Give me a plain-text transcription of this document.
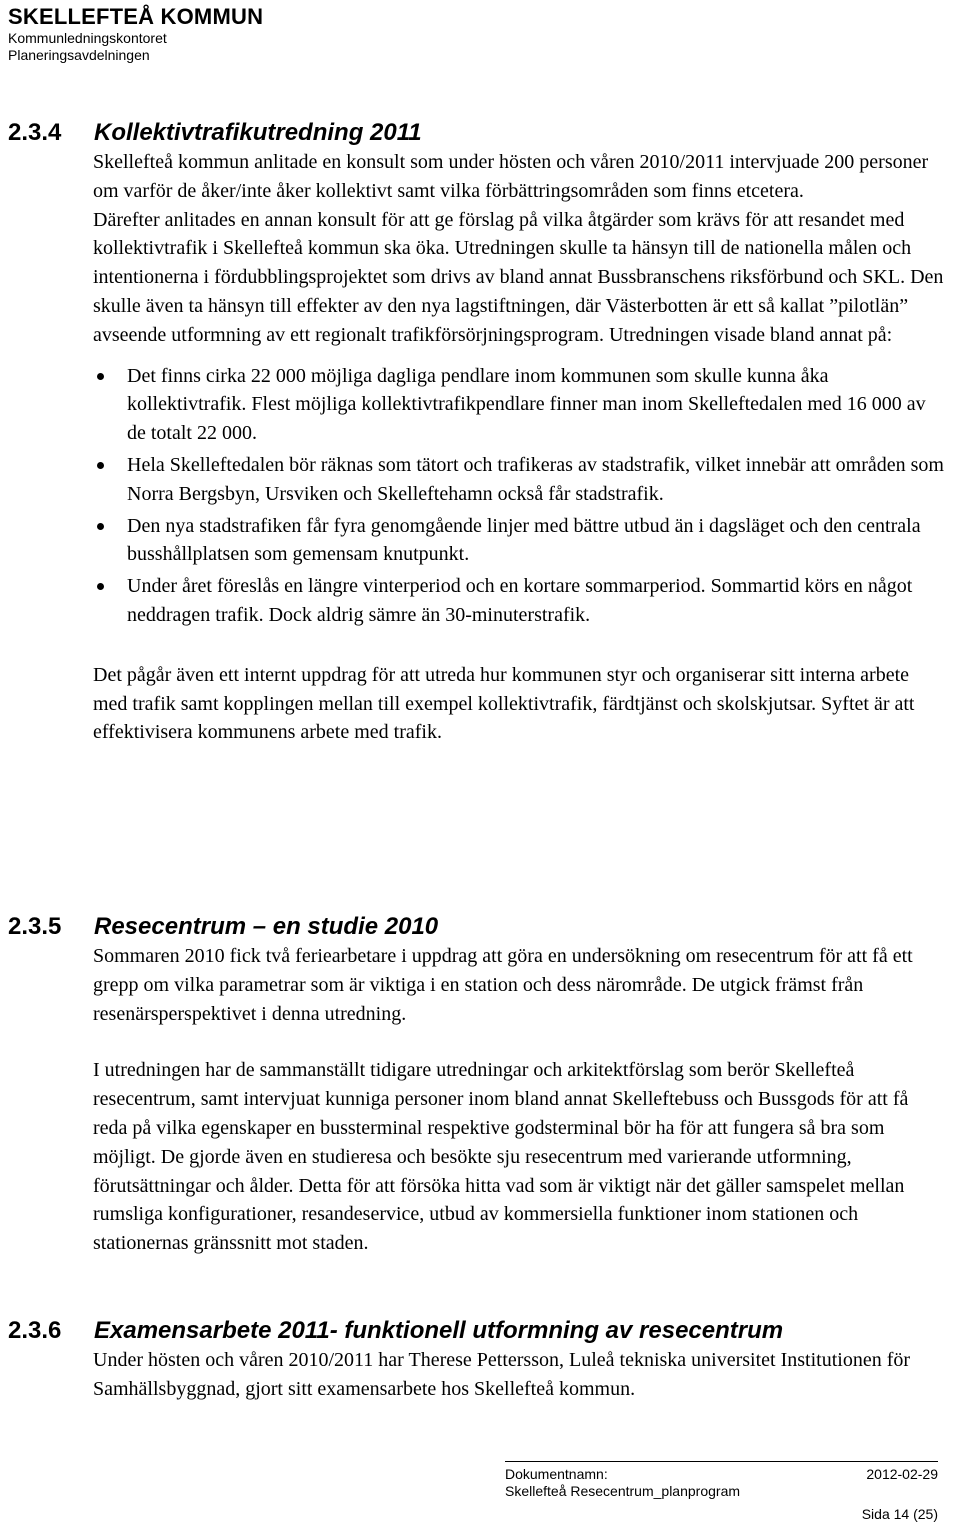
SKELLEFTEÅ KOMMUN
Kommunledningskontoret
Planeringsavdelningen
2.3.4	Kollektivtrafikutredning 2011

Skellefteå kommun anlitade en konsult som under hösten och våren 2010/2011 intervjuade 200 personer om varför de åker/inte åker kollektivt samt vilka förbättringsområden som finns etcetera.

Därefter anlitades en annan konsult för att ge förslag på vilka åtgärder som krävs för att resandet med kollektivtrafik i Skellefteå kommun ska öka. Utredningen skulle ta hänsyn till de nationella målen och intentionerna i fördubblingsprojektet som drivs av bland annat Bussbranschens riksförbund och SKL. Den skulle även ta hänsyn till effekter av den nya lagstiftningen, där Västerbotten är ett så kallat ”pilotlän” avseende utformning av ett regionalt trafikförsörjningsprogram. Utredningen visade bland annat på:

Det finns cirka 22 000 möjliga dagliga pendlare inom kommunen som skulle kunna åka kollektivtrafik. Flest möjliga kollektivtrafikpendlare finner man inom Skelleftedalen med 16 000 av de totalt 22 000.
Hela Skelleftedalen bör räknas som tätort och trafikeras av stadstrafik, vilket innebär att områden som Norra Bergsbyn, Ursviken och Skelleftehamn också får stadstrafik.
Den nya stadstrafiken får fyra genomgående linjer med bättre utbud än i dagsläget och den centrala busshållplatsen som gemensam knutpunkt.
Under året föreslås en längre vinterperiod och en kortare sommarperiod. Sommartid körs en något neddragen trafik. Dock aldrig sämre än 30-minuterstrafik.

Det pågår även ett internt uppdrag för att utreda hur kommunen styr och organiserar sitt interna arbete med trafik samt kopplingen mellan till exempel kollektivtrafik, färdtjänst och skolskjutsar. Syftet är att effektivisera kommunens arbete med trafik.

2.3.5	Resecentrum – en studie 2010

Sommaren 2010 fick två feriearbetare i uppdrag att göra en undersökning om resecentrum för att få ett grepp om vilka parametrar som är viktiga i en station och dess närområde. De utgick främst från resenärsperspektivet i denna utredning.

I utredningen har de sammanställt tidigare utredningar och arkitektförslag som berör Skellefteå resecentrum, samt intervjuat kunniga personer inom bland annat Skelleftebuss och Bussgods för att få reda på vilka egenskaper en bussterminal respektive godsterminal bör ha för att fungera så bra som möjligt. De gjorde även en studieresa och besökte sju resecentrum med varierande utformning, förutsättningar och ålder. Detta för att försöka hitta vad som är viktigt när det gäller samspelet mellan rumsliga konfigurationer, resandeservice, utbud av kommersiella funktioner inom stationen och stationernas gränssnitt mot staden.

2.3.6	Examensarbete 2011- funktionell utformning av resecentrum

Under hösten och våren 2010/2011 har Therese Pettersson, Luleå tekniska universitet Institutionen för Samhällsbyggnad, gjort sitt examensarbete hos Skellefteå kommun.

Dokumentnamn:	2012-02-29
Skellefteå Resecentrum_planprogram
Sida 14 (25)
